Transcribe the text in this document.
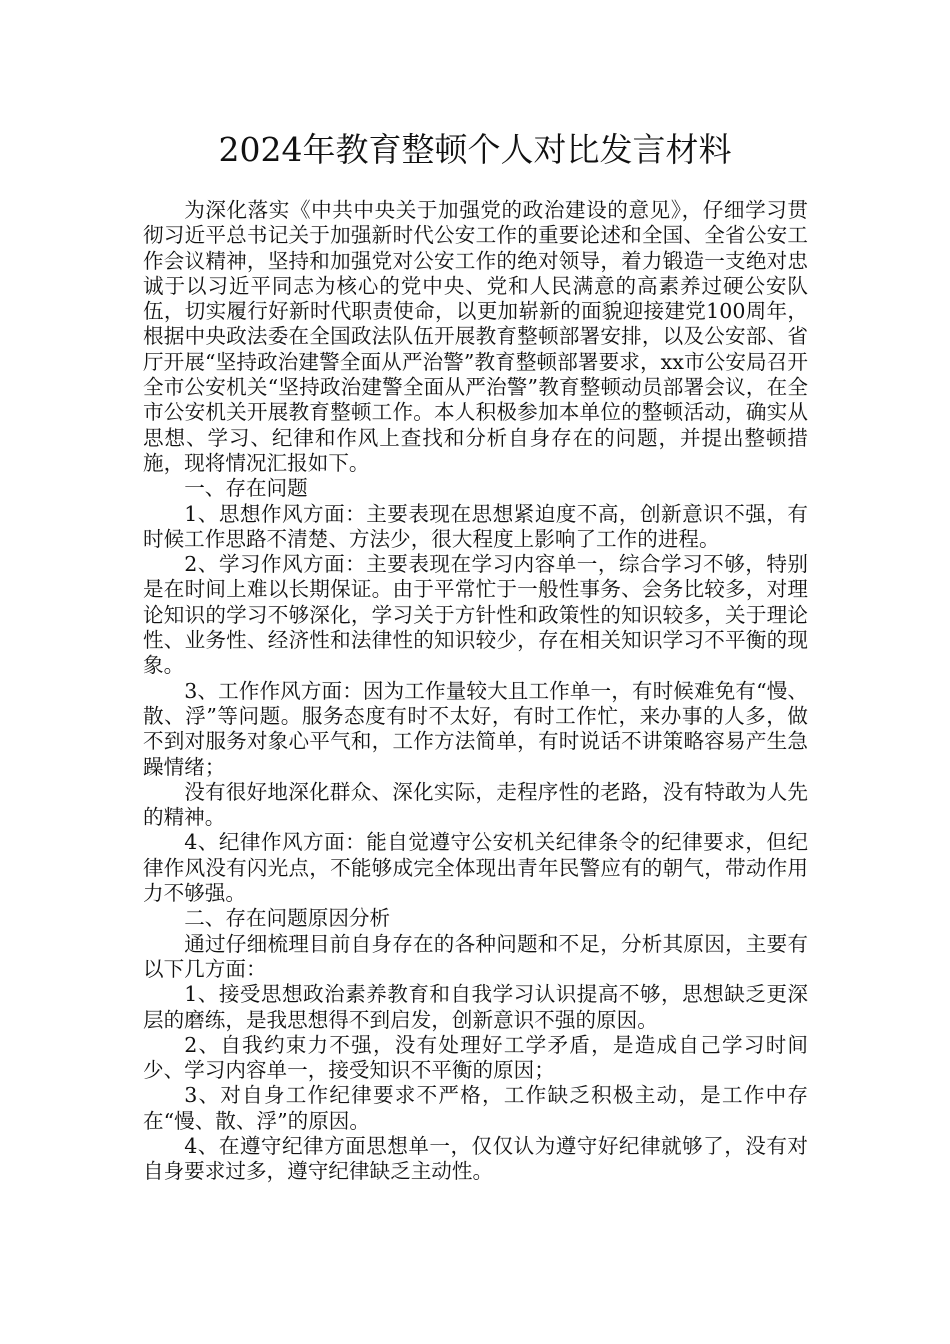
2024年教育整顿个人对比发言材料

为深化落实《中共中央关于加强党的政治建设的意见》，仔细学习贯彻习近平总书记关于加强新时代公安工作的重要论述和全国、全省公安工作会议精神，坚持和加强党对公安工作的绝对领导，着力锻造一支绝对忠诚于以习近平同志为核心的党中央、党和人民满意的高素养过硬公安队伍，切实履行好新时代职责使命，以更加崭新的面貌迎接建党100周年，根据中央政法委在全国政法队伍开展教育整顿部署安排，以及公安部、省厅开展“坚持政治建警全面从严治警”教育整顿部署要求，xx市公安局召开全市公安机关“坚持政治建警全面从严治警”教育整顿动员部署会议，在全市公安机关开展教育整顿工作。本人积极参加本单位的整顿活动，确实从思想、学习、纪律和作风上查找和分析自身存在的问题，并提出整顿措施，现将情况汇报如下。

一、存在问题

1、思想作风方面：主要表现在思想紧迫度不高，创新意识不强，有时候工作思路不清楚、方法少，很大程度上影响了工作的进程。

2、学习作风方面：主要表现在学习内容单一，综合学习不够，特别是在时间上难以长期保证。由于平常忙于一般性事务、会务比较多，对理论知识的学习不够深化，学习关于方针性和政策性的知识较多，关于理论性、业务性、经济性和法律性的知识较少，存在相关知识学习不平衡的现象。

3、工作作风方面：因为工作量较大且工作单一，有时候难免有“慢、散、浮”等问题。服务态度有时不太好，有时工作忙，来办事的人多，做不到对服务对象心平气和，工作方法简单，有时说话不讲策略容易产生急躁情绪；

没有很好地深化群众、深化实际，走程序性的老路，没有特敢为人先的精神。

4、纪律作风方面：能自觉遵守公安机关纪律条令的纪律要求，但纪律作风没有闪光点，不能够成完全体现出青年民警应有的朝气，带动作用力不够强。

二、存在问题原因分析

通过仔细梳理目前自身存在的各种问题和不足，分析其原因，主要有以下几方面：

1、接受思想政治素养教育和自我学习认识提高不够，思想缺乏更深层的磨练，是我思想得不到启发，创新意识不强的原因。

2、自我约束力不强，没有处理好工学矛盾，是造成自己学习时间少、学习内容单一，接受知识不平衡的原因；

3、对自身工作纪律要求不严格，工作缺乏积极主动，是工作中存在“慢、散、浮”的原因。

4、在遵守纪律方面思想单一，仅仅认为遵守好纪律就够了，没有对自身要求过多，遵守纪律缺乏主动性。
